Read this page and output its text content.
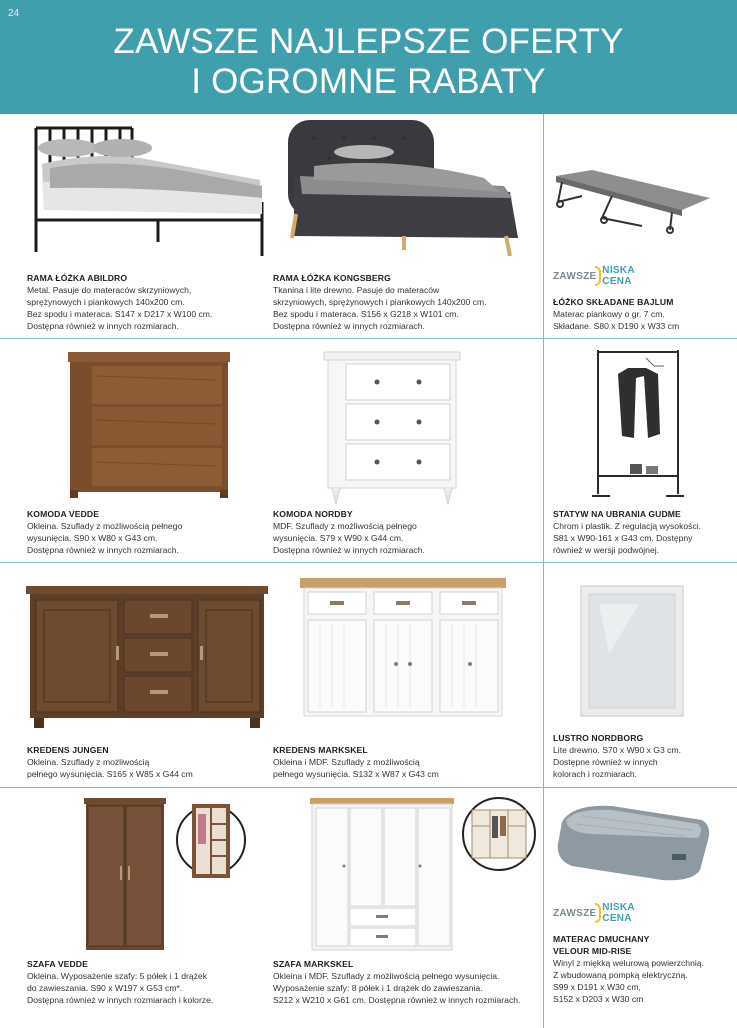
24
ZAWSZE NAJLEPSZE OFERTY
I OGROMNE RABATY
RAMA ŁÓŻKA ABILDRO
Metal. Pasuje do materaców skrzyniowych,
sprężynowych i piankowych 140x200 cm.
Bez spodu i materaca. S147 x D217 x W100 cm.
Dostępna również w innych rozmiarach.
RAMA ŁÓŻKA KONGSBERG
Tkanina i lite drewno. Pasuje do materaców
skrzyniowych, sprężynowych i piankowych 140x200 cm.
Bez spodu i materaca. S156 x G218 x W101 cm.
Dostępna również w innych rozmiarach.
ZAWSZE NISKA CENA
ŁÓŻKO SKŁADANE BAJLUM
Materac piankowy o gr. 7 cm.
Składane. S80 x D190 x W33 cm
KOMODA VEDDE
Okleina. Szuflady z możliwością pełnego
wysunięcia. S90 x W80 x G43 cm.
Dostępna również w innych rozmiarach.
KOMODA NORDBY
MDF. Szuflady z możliwością pełnego
wysunięcia. S79 x W90 x G44 cm.
Dostępna również w innych rozmiarach.
STATYW NA UBRANIA GUDME
Chrom i plastik. Z regulacją wysokości.
S81 x W90-161 x G43 cm. Dostępny
również w wersji podwójnej.
KREDENS JUNGEN
Okleina. Szuflady z możliwością
pełnego wysunięcia. S165 x W85 x G44 cm
KREDENS MARKSKEL
Okleina i MDF. Szuflady z możliwością
pełnego wysunięcia. S132 x W87 x G43 cm
LUSTRO NORDBORG
Lite drewno. S70 x W90 x G3 cm.
Dostępne również w innych
kolorach i rozmiarach.
SZAFA VEDDE
Okleina. Wyposażenie szafy: 5 półek i 1 drążek
do zawieszania. S90 x W197 x G53 cm*.
Dostępna również w innych rozmiarach i kolorze.
SZAFA MARKSKEL
Okleina i MDF. Szuflady z możliwością pełnego wysunięcia.
Wyposażenie szafy: 8 półek i 1 drążek do zawieszania.
S212 x W210 x G61 cm. Dostępna również w innych rozmiarach.
ZAWSZE NISKA CENA
MATERAC DMUCHANY
VELOUR MID-RISE
Winyl z miękką welurową powierzchnią.
Z wbudowaną pompką elektryczną.
S99 x D191 x W30 cm,
S152 x D203 x W30 cm
